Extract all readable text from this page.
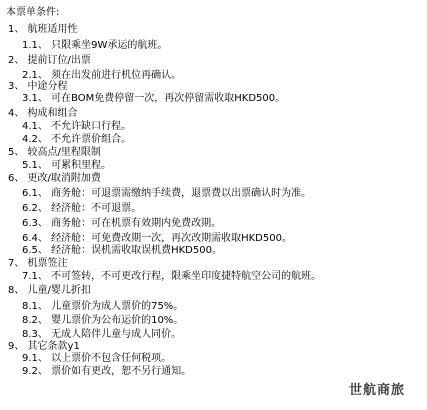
本票单条件:
1、 航班适用性
1.1、 只限乘坐9W承运的航班。
2、 提前订位/出票
2.1、 须在出发前进行机位再确认。
3、 中途分程
3.1、 可在BOM免费停留一次，再次停留需收取HKD500。
4、 构成和组合
4.1、 不允许缺口行程。
4.2、 不允许票价组合。
5、 较高点/里程限制
5.1、 可累积里程。
6、 更改/取消附加费
6.1、 商务舱：可退票需缴纳手续费，退票费以出票确认时为准。
6.2、 经济舱：不可退票。
6.3、 商务舱：可在机票有效期内免费改期。
6.4、 经济舱：可免费改期一次，再次改期需收取HKD500。
6.5、 经济舱：误机需收取误机费HKD500。
7、 机票签注
7.1、 不可签转，不可更改行程，限乘坐印度捷特航空公司的航班。
8、 儿童/婴儿折扣
8.1、 儿童票价为成人票价的75%。
8.2、 婴儿票价为公布运价的10%。
8.3、 无成人陪伴儿童与成人同价。
9、 其它条款y1
9.1、 以上票价不包含任何税项。
9.2、 票价如有更改，恕不另行通知。
世航商旅
